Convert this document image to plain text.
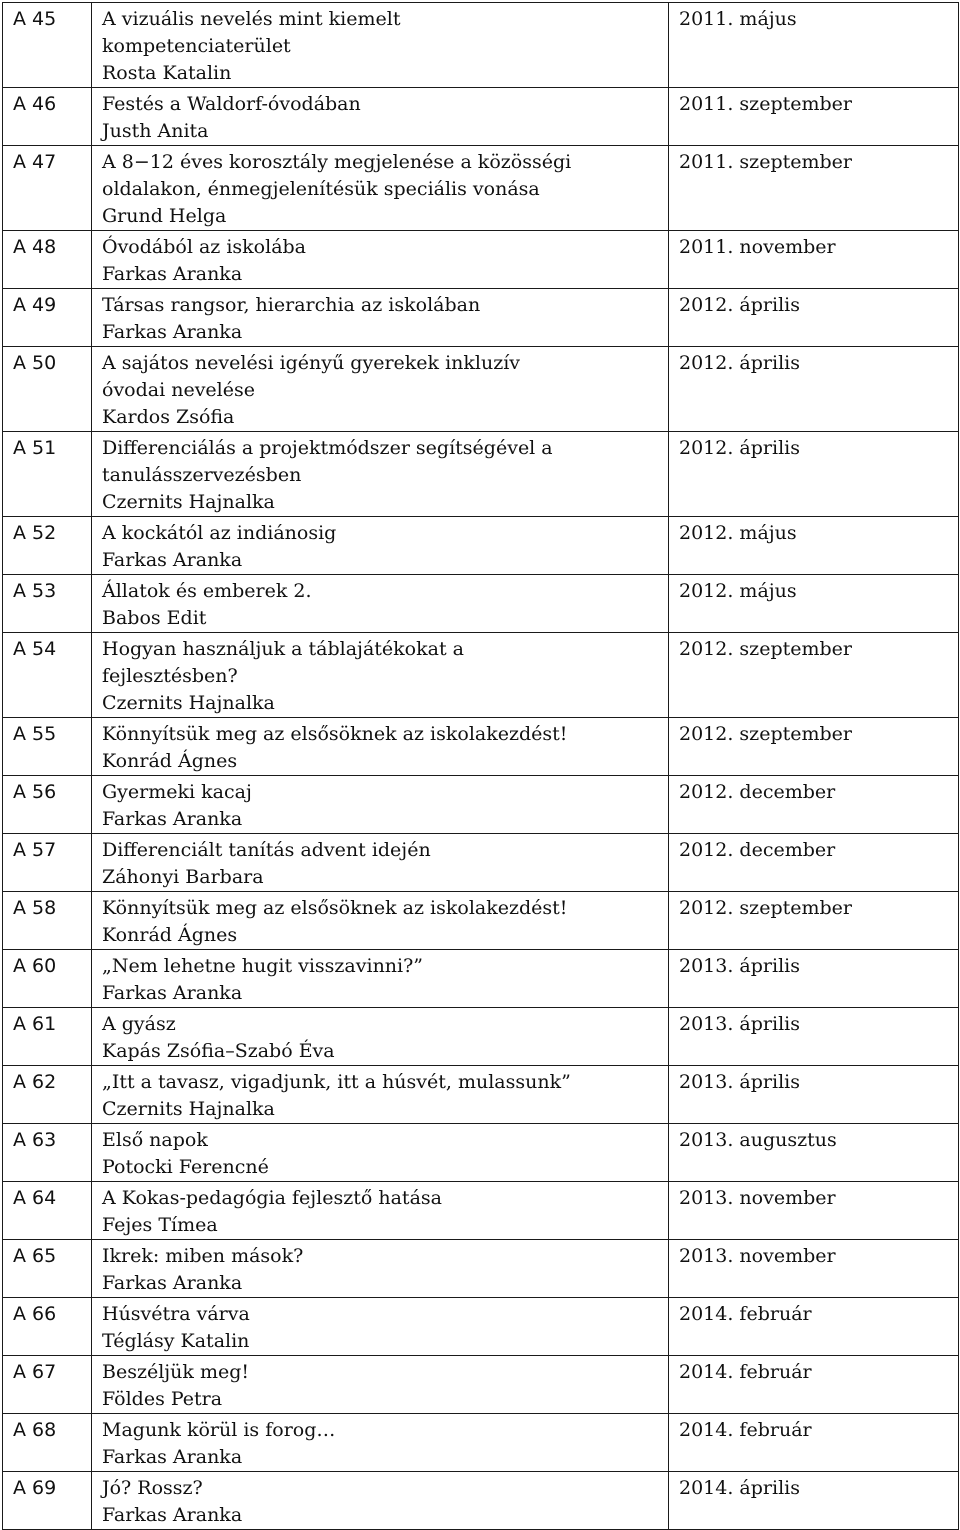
A 45	A vizuális nevelés mint kiemelt
kompetenciaterület
Rosta Katalin	2011. május
A 46	Festés a Waldorf-óvodában
Justh Anita	2011. szeptember
A 47	A 8−12 éves korosztály megjelenése a közösségi
oldalakon, énmegjelenítésük speciális vonása
Grund Helga	2011. szeptember
A 48	Óvodából az iskolába
Farkas Aranka	2011. november
A 49	Társas rangsor, hierarchia az iskolában
Farkas Aranka	2012. április
A 50	A sajátos nevelési igényű gyerekek inkluzív
óvodai nevelése
Kardos Zsófia	2012. április
A 51	Differenciálás a projektmódszer segítségével a
tanulásszervezésben
Czernits Hajnalka	2012. április
A 52	A kockától az indiánosig
Farkas Aranka	2012. május
A 53	Állatok és emberek 2.
Babos Edit	2012. május
A 54	Hogyan használjuk a táblajátékokat a
fejlesztésben?
Czernits Hajnalka	2012. szeptember
A 55	Könnyítsük meg az elsősöknek az iskolakezdést!
Konrád Ágnes	2012. szeptember
A 56	Gyermeki kacaj
Farkas Aranka	2012. december
A 57	Differenciált tanítás advent idején
Záhonyi Barbara	2012. december
A 58	Könnyítsük meg az elsősöknek az iskolakezdést!
Konrád Ágnes	2012. szeptember
A 60	„Nem lehetne hugit visszavinni?”
Farkas Aranka	2013. április
A 61	A gyász
Kapás Zsófia–Szabó Éva	2013. április
A 62	„Itt a tavasz, vigadjunk, itt a húsvét, mulassunk”
Czernits Hajnalka	2013. április
A 63	Első napok
Potocki Ferencné	2013. augusztus
A 64	A Kokas-pedagógia fejlesztő hatása
Fejes Tímea	2013. november
A 65	Ikrek: miben mások?
Farkas Aranka	2013. november
A 66	Húsvétra várva
Téglásy Katalin	2014. február
A 67	Beszéljük meg!
Földes Petra	2014. február
A 68	Magunk körül is forog…
Farkas Aranka	2014. február
A 69	Jó? Rossz?
Farkas Aranka	2014. április
